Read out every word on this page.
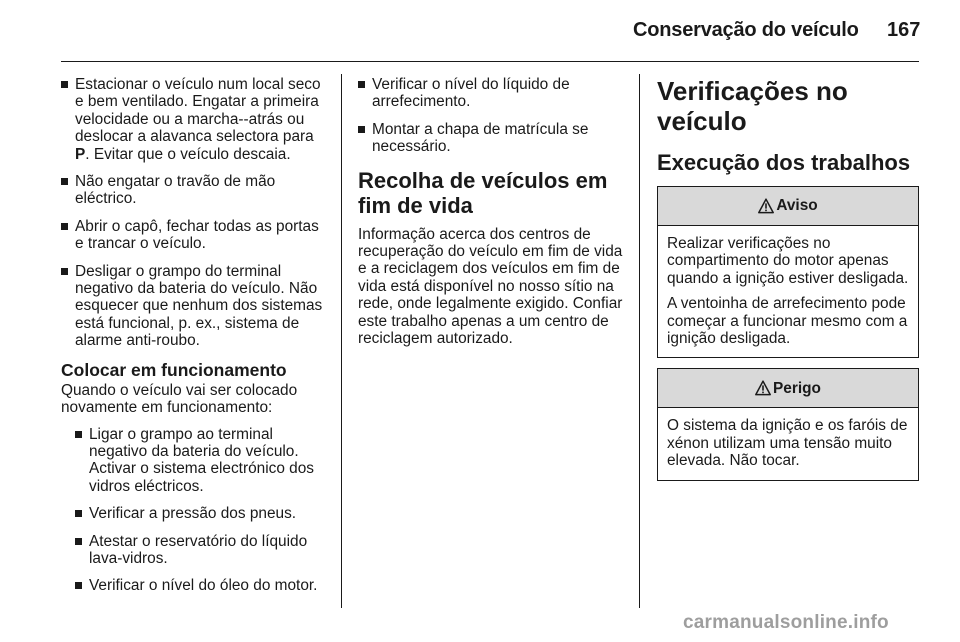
Conservação do veículo 167
Estacionar o veículo num local seco e bem ventilado. Engatar a primeira velocidade ou a marcha--atrás ou deslocar a alavanca selectora para P. Evitar que o veículo descaia.
Não engatar o travão de mão eléctrico.
Abrir o capô, fechar todas as portas e trancar o veículo.
Desligar o grampo do terminal negativo da bateria do veículo. Não esquecer que nenhum dos sistemas está funcional, p. ex., sistema de alarme anti-roubo.
Colocar em funcionamento
Quando o veículo vai ser colocado novamente em funcionamento:
Ligar o grampo ao terminal negativo da bateria do veículo. Activar o sistema electrónico dos vidros eléctricos.
Verificar a pressão dos pneus.
Atestar o reservatório do líquido lava-vidros.
Verificar o nível do óleo do motor.
Verificar o nível do líquido de arrefecimento.
Montar a chapa de matrícula se necessário.
Recolha de veículos em fim de vida
Informação acerca dos centros de recuperação do veículo em fim de vida e a reciclagem dos veículos em fim de vida está disponível no nosso sítio na rede, onde legalmente exigido. Confiar este trabalho apenas a um centro de reciclagem autorizado.
Verificações no veículo
Execução dos trabalhos
Aviso

Realizar verificações no compartimento do motor apenas quando a ignição estiver desligada.

A ventoinha de arrefecimento pode começar a funcionar mesmo com a ignição desligada.

Perigo

O sistema da ignição e os faróis de xénon utilizam uma tensão muito elevada. Não tocar.

carmanualsonline.info
